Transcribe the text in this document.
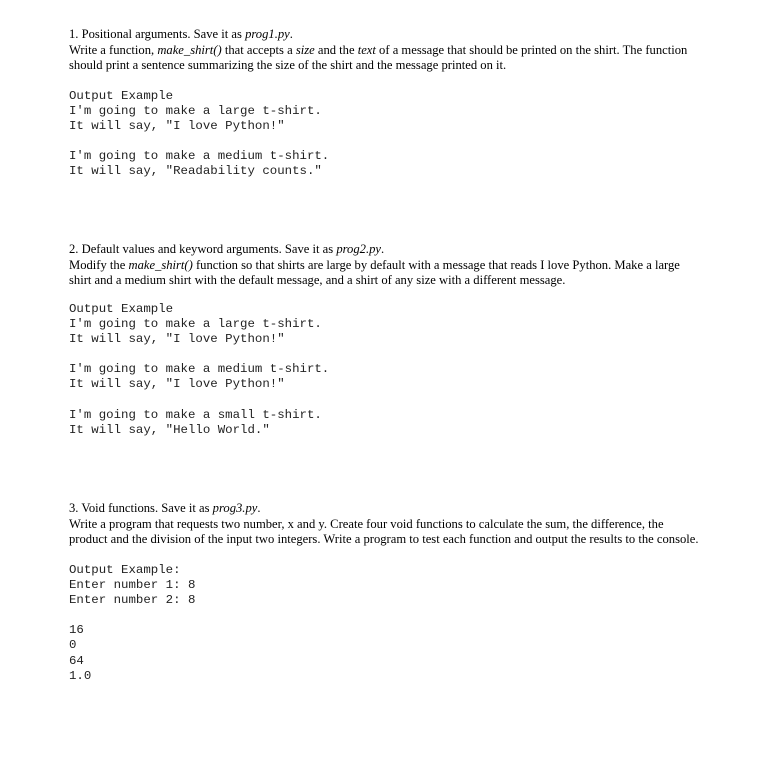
1. Positional arguments. Save it as prog1.py.

Write a function, make_shirt() that accepts a size and the text of a message that should be printed on the shirt. The function should print a sentence summarizing the size of the shirt and the message printed on it.

Output Example
I'm going to make a large t-shirt.
It will say, "I love Python!"
I'm going to make a medium t-shirt.
It will say, "Readability counts."

2. Default values and keyword arguments. Save it as prog2.py.

Modify the make_shirt() function so that shirts are large by default with a message that reads I love Python. Make a large shirt and a medium shirt with the default message, and a shirt of any size with a different message.

Output Example
I'm going to make a large t-shirt.
It will say, "I love Python!"
I'm going to make a medium t-shirt.
It will say, "I love Python!"
I'm going to make a small t-shirt.
It will say, "Hello World."

3. Void functions. Save it as prog3.py.

Write a program that requests two number, x and y. Create four void functions to calculate the sum, the difference, the product and the division of the input two integers. Write a program to test each function and output the results to the console.

Output Example:
Enter number 1: 8
Enter number 2: 8
16
0
64
1.0
